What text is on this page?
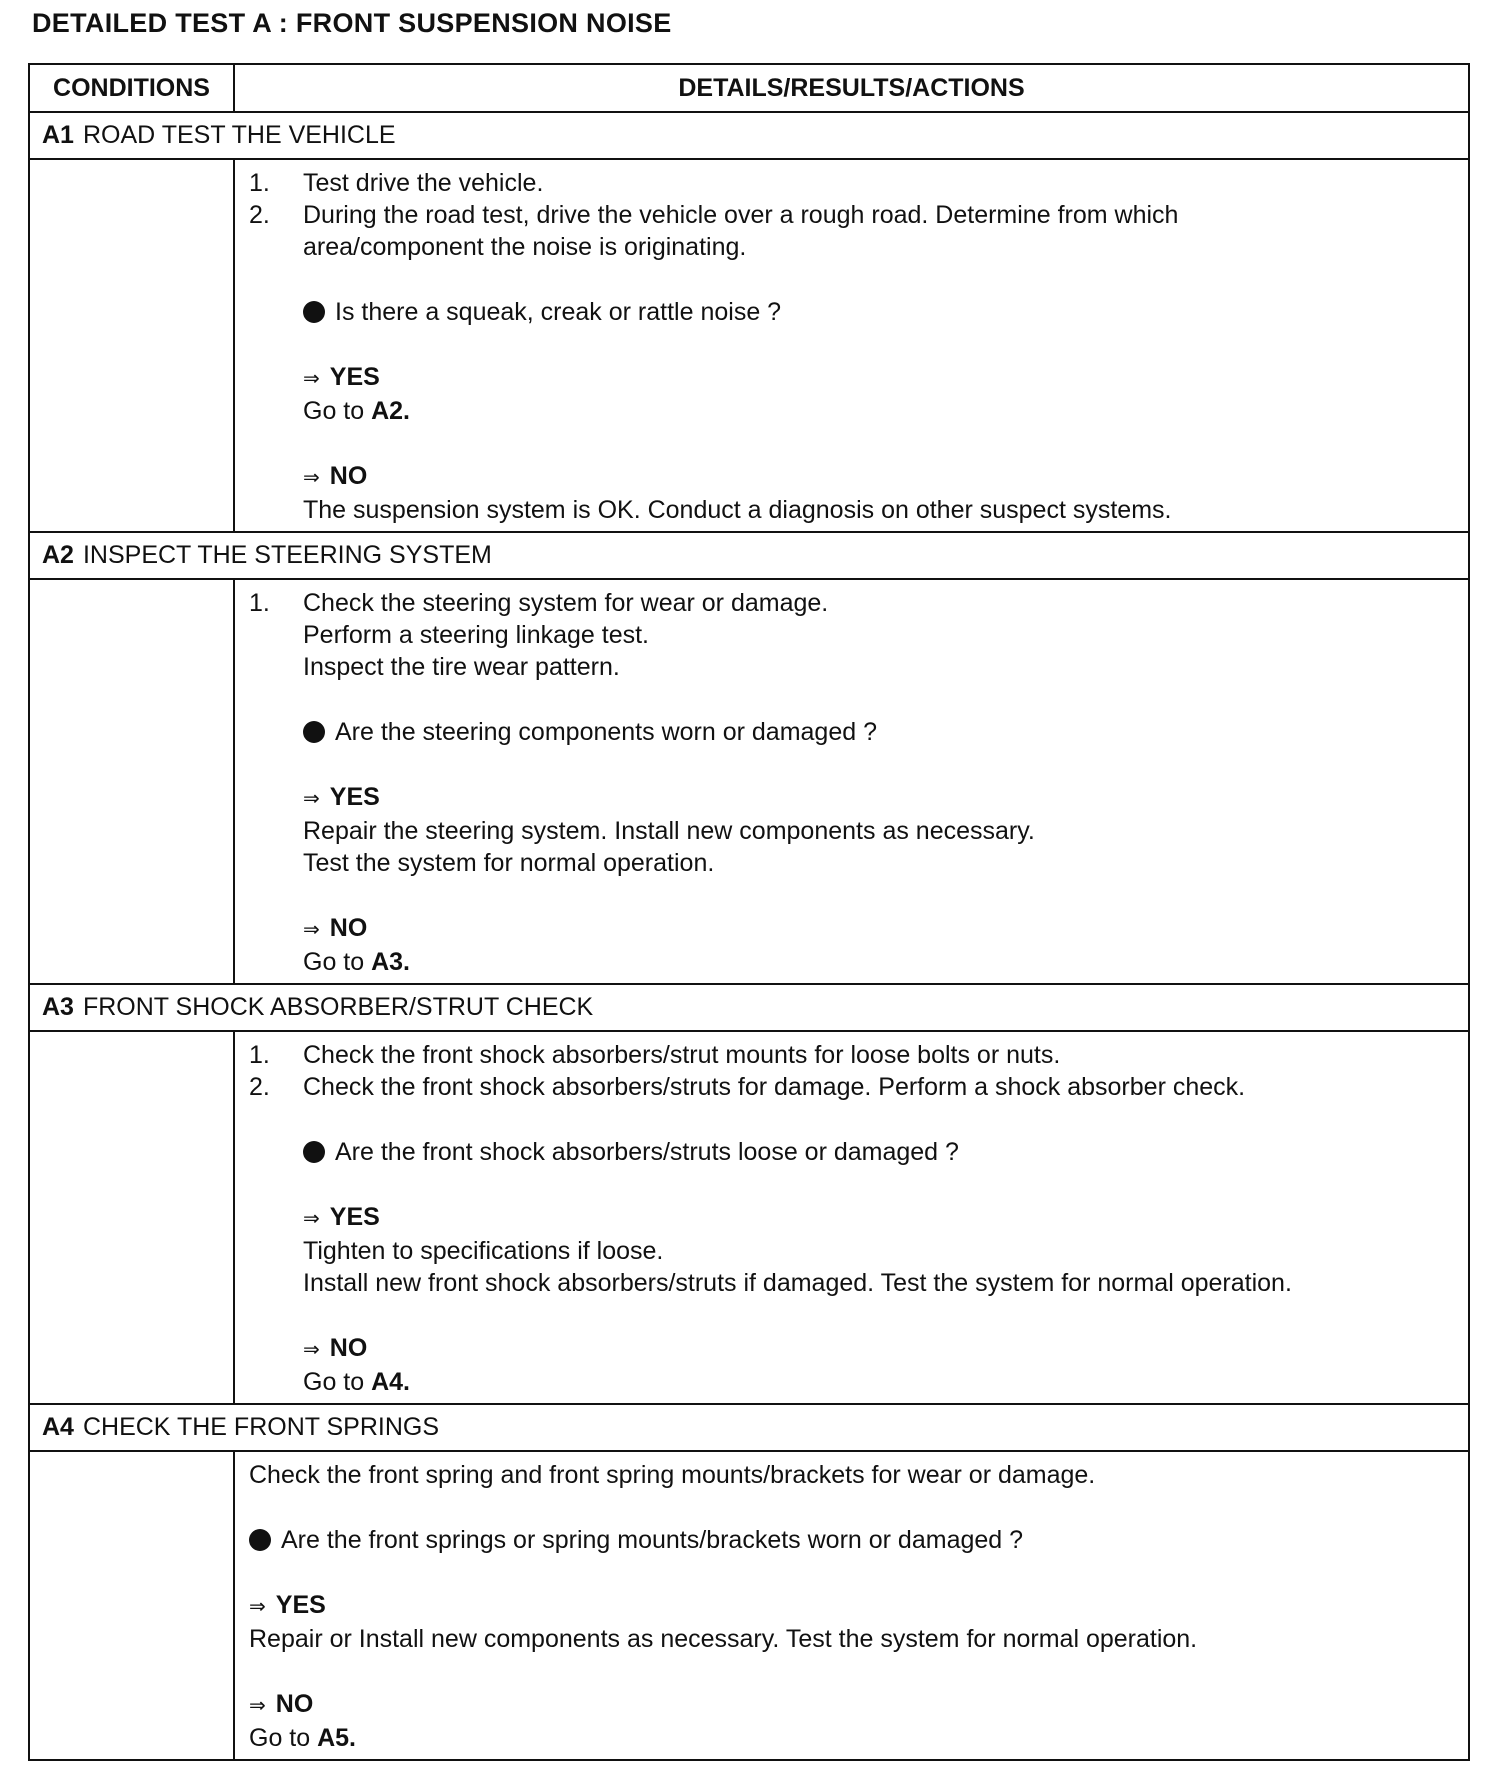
DETAILED TEST A : FRONT SUSPENSION NOISE
CONDITIONS	DETAILS/RESULTS/ACTIONS
A1 ROAD TEST THE VEHICLE
1.	Test drive the vehicle.
2.	During the road test, drive the vehicle over a rough road. Determine from which
area/component the noise is originating.
Is there a squeak, creak or rattle noise ?
⇒ YES
Go to A2.
⇒ NO
The suspension system is OK. Conduct a diagnosis on other suspect systems.
A2 INSPECT THE STEERING SYSTEM
1.	Check the steering system for wear or damage.
Perform a steering linkage test.
Inspect the tire wear pattern.
Are the steering components worn or damaged ?
⇒ YES
Repair the steering system. Install new components as necessary.
Test the system for normal operation.
⇒ NO
Go to A3.
A3 FRONT SHOCK ABSORBER/STRUT CHECK
1.	Check the front shock absorbers/strut mounts for loose bolts or nuts.
2.	Check the front shock absorbers/struts for damage. Perform a shock absorber check.
Are the front shock absorbers/struts loose or damaged ?
⇒ YES
Tighten to specifications if loose.
Install new front shock absorbers/struts if damaged. Test the system for normal operation.
⇒ NO
Go to A4.
A4 CHECK THE FRONT SPRINGS
Check the front spring and front spring mounts/brackets for wear or damage.
Are the front springs or spring mounts/brackets worn or damaged ?
⇒ YES
Repair or Install new components as necessary. Test the system for normal operation.
⇒ NO
Go to A5.
